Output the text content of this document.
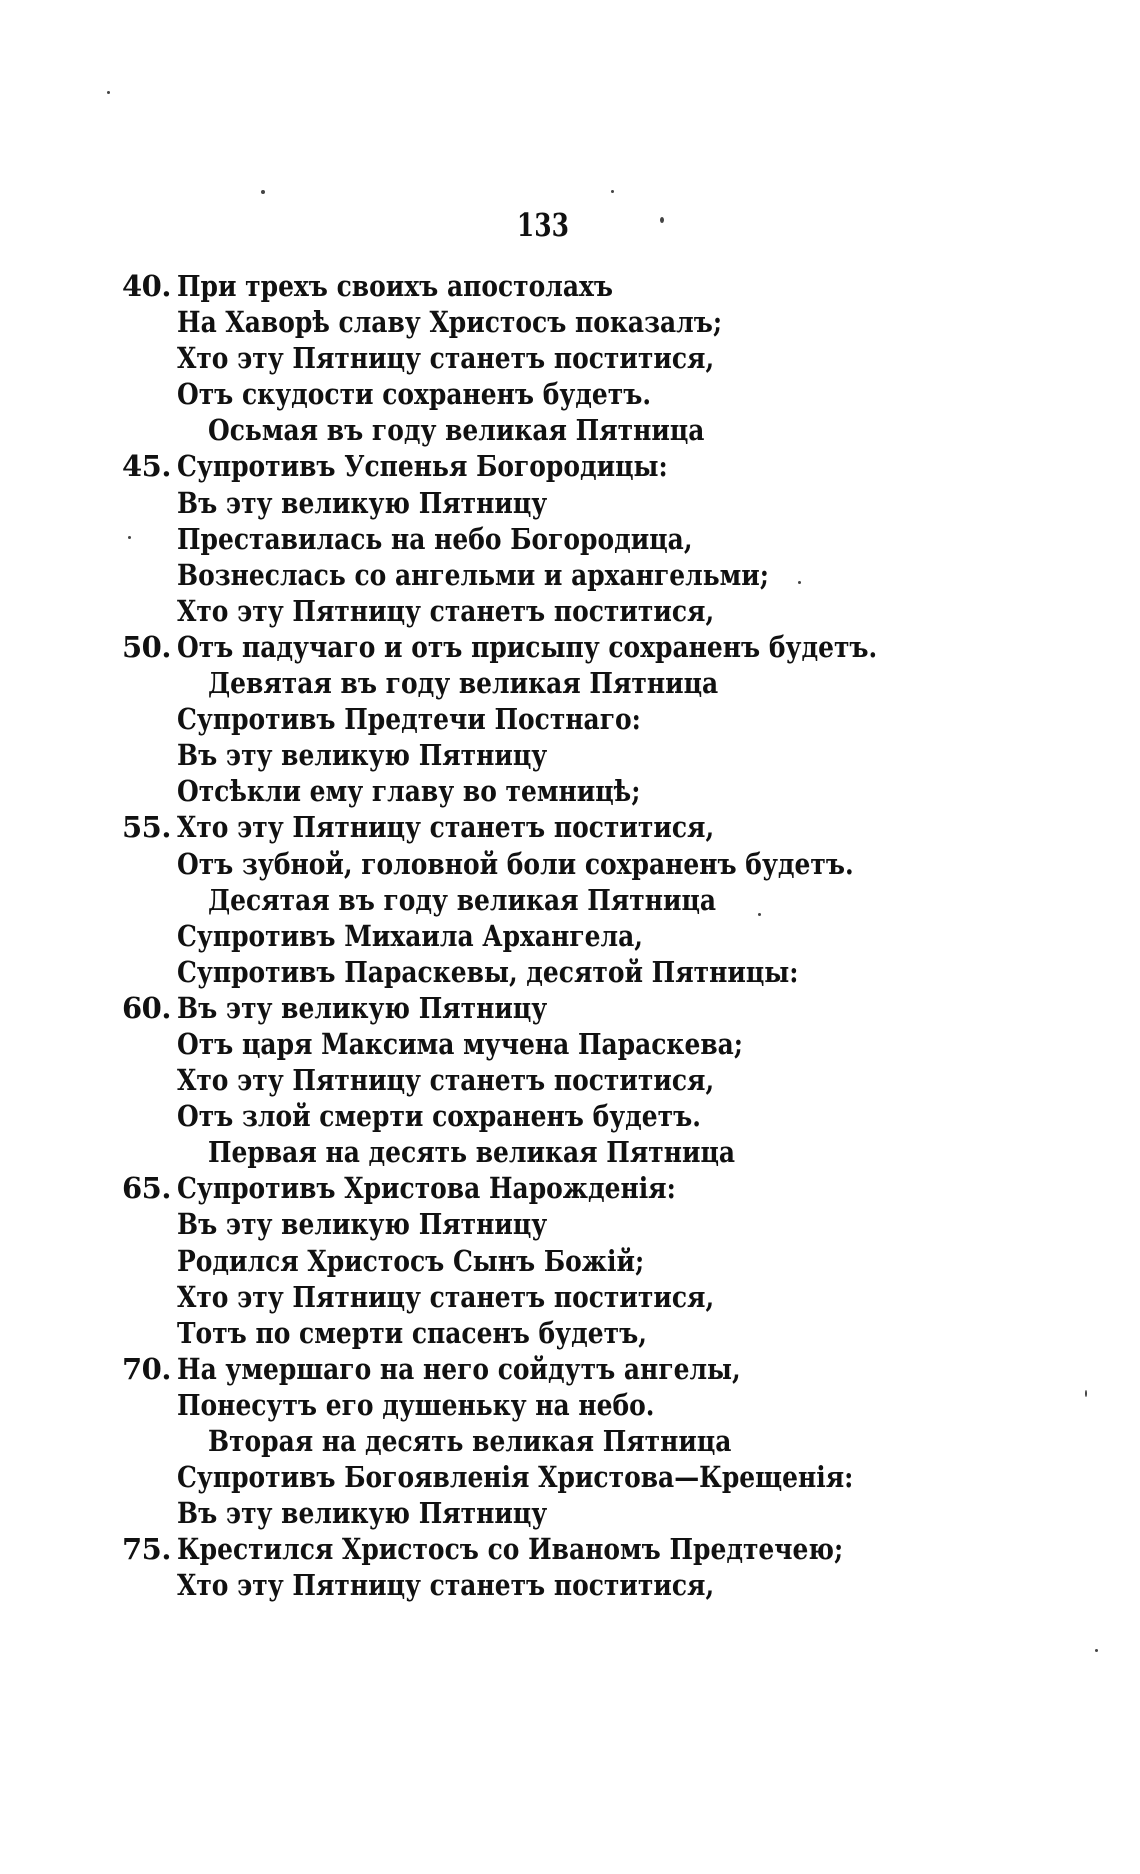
133
40. При трехъ своихъ апостолахъ
На Хаворѣ славу Христосъ показалъ;
Хто эту Пятницу станетъ поститися,
Отъ скудости сохраненъ будетъ.
Осьмая въ году великая Пятница
45. Супротивъ Успенья Богородицы:
Въ эту великую Пятницу
Преставилась на небо Богородица,
Вознеслась со ангельми и архангельми;
Хто эту Пятницу станетъ поститися,
50. Отъ падучаго и отъ присыпу сохраненъ будетъ.
Девятая въ году великая Пятница
Супротивъ Предтечи Постнаго:
Въ эту великую Пятницу
Отсѣкли ему главу во темницѣ;
55. Хто эту Пятницу станетъ поститися,
Отъ зубной, головной боли сохраненъ будетъ.
Десятая въ году великая Пятница
Супротивъ Михаила Архангела,
Супротивъ Параскевы, десятой Пятницы:
60. Въ эту великую Пятницу
Отъ царя Максима мучена Параскева;
Хто эту Пятницу станетъ поститися,
Отъ злой смерти сохраненъ будетъ.
Первая на десять великая Пятница
65. Супротивъ Христова Нарожденія:
Въ эту великую Пятницу
Родился Христосъ Сынъ Божій;
Хто эту Пятницу станетъ поститися,
Тотъ по смерти спасенъ будетъ,
70. На умершаго на него сойдутъ ангелы,
Понесутъ его душеньку на небо.
Вторая на десять великая Пятница
Супротивъ Богоявленія Христова—Крещенія:
Въ эту великую Пятницу
75. Крестился Христосъ со Иваномъ Предтечею;
Хто эту Пятницу станетъ поститися,
